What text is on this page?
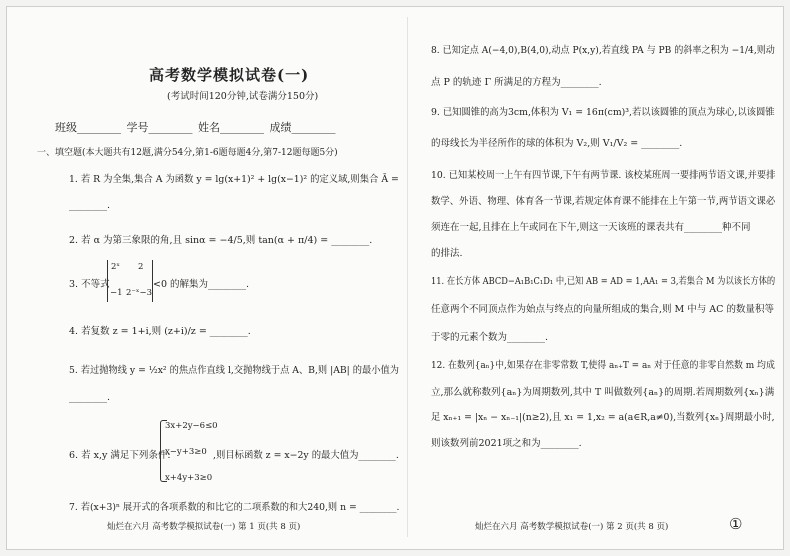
高考数学模拟试卷(一)
(考试时间120分钟,试卷满分150分)
班级________ 学号________ 姓名________ 成绩________
一、填空题(本大题共有12题,满分54分,第1-6题每题4分,第7-12题每题5分)
1. 若 R 为全集,集合 A 为函数 y = lg(x+1)² + lg(x−1)² 的定义域,则集合 Ā =
________.
2. 若 α 为第三象限的角,且 sinα = −4/5,则 tan(α + π/4) = ________.
3. 不等式
2ˣ 2
−1 2⁻ˣ−3
<0 的解集为________.
4. 若复数 z = 1+i,则 (z+i)/z = ________.
5. 若过抛物线 y = ½x² 的焦点作直线 l,交抛物线于点 A、B,则 |AB| 的最小值为
________.
6. 若 x,y 满足下列条件:
3x+2y−6≤0
x−y+3≥0
x+4y+3≥0
,则目标函数 z = x−2y 的最大值为________.
7. 若(x+3)ⁿ 展开式的各项系数的和比它的二项系数的和大240,则 n = ________.
灿烂在六月 高考数学模拟试卷(一) 第 1 页(共 8 页)
8. 已知定点 A(−4,0),B(4,0),动点 P(x,y),若直线 PA 与 PB 的斜率之积为 −1/4,则动
点 P 的轨迹 Γ 所满足的方程为________.
9. 已知圆锥的高为3cm,体积为 V₁ = 16π(cm)³,若以该圆锥的顶点为球心,以该圆锥
的母线长为半径所作的球的体积为 V₂,则 V₁/V₂ = ________.
10. 已知某校周一上午有四节课,下午有两节课. 该校某班周一要排两节语文课,并要排
数学、外语、物理、体育各一节课,若规定体育课不能排在上午第一节,两节语文课必
须连在一起,且排在上午或同在下午,则这一天该班的课表共有________种不同
的排法.
11. 在长方体 ABCD−A₁B₁C₁D₁ 中,已知 AB = AD = 1,AA₁ = 3,若集合 M 为以该长方体的
任意两个不同顶点作为始点与终点的向量所组成的集合,则 M 中与 AC 的数量积等
于零的元素个数为________.
12. 在数列{aₙ}中,如果存在非零常数 T,使得 aₙ₊T = aₙ 对于任意的非零自然数 m 均成
立,那么就称数列{aₙ}为周期数列,其中 T 叫做数列{aₙ}的周期.若周期数列{xₙ}满
足 xₙ₊₁ = |xₙ − xₙ₋₁|(n≥2),且 x₁ = 1,x₂ = a(a∈R,a≠0),当数列{xₙ}周期最小时,
则该数列前2021项之和为________.
灿烂在六月 高考数学模拟试卷(一) 第 2 页(共 8 页)	①
